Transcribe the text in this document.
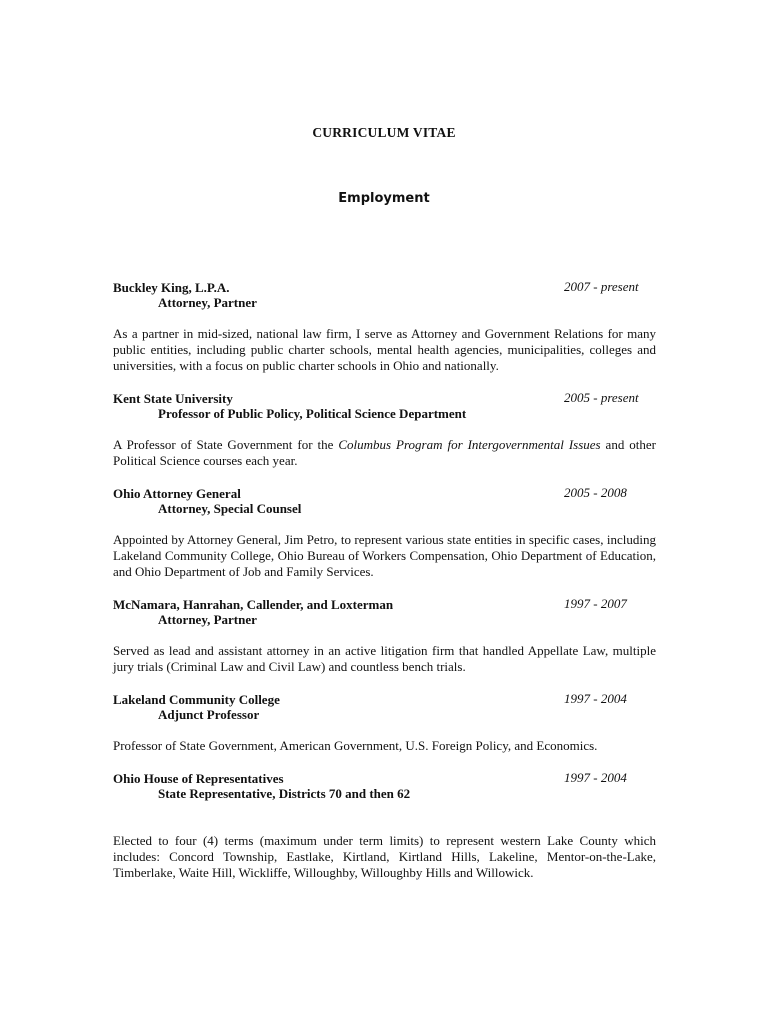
CURRICULUM VITAE
Employment
Buckley King, L.P.A.	2007 - present
Attorney, Partner
As a partner in mid-sized, national law firm, I serve as Attorney and Government Relations for many public entities, including public charter schools, mental health agencies, municipalities, colleges and universities, with a focus on public charter schools in Ohio and nationally.
Kent State University	2005 - present
Professor of Public Policy, Political Science Department
A Professor of State Government for the Columbus Program for Intergovernmental Issues and other Political Science courses each year.
Ohio Attorney General	2005 - 2008
Attorney, Special Counsel
Appointed by Attorney General, Jim Petro, to represent various state entities in specific cases, including Lakeland Community College, Ohio Bureau of Workers Compensation, Ohio Department of Education, and Ohio Department of Job and Family Services.
McNamara, Hanrahan, Callender, and Loxterman	1997 - 2007
Attorney, Partner
Served as lead and assistant attorney in an active litigation firm that handled Appellate Law, multiple jury trials (Criminal Law and Civil Law) and countless bench trials.
Lakeland Community College	1997 - 2004
Adjunct Professor
Professor of State Government, American Government, U.S. Foreign Policy, and Economics.
Ohio House of Representatives	1997 - 2004
State Representative, Districts 70 and then 62
Elected to four (4) terms (maximum under term limits) to represent western Lake County which includes: Concord Township, Eastlake, Kirtland, Kirtland Hills, Lakeline, Mentor-on-the-Lake, Timberlake, Waite Hill, Wickliffe, Willoughby, Willoughby Hills and Willowick.
